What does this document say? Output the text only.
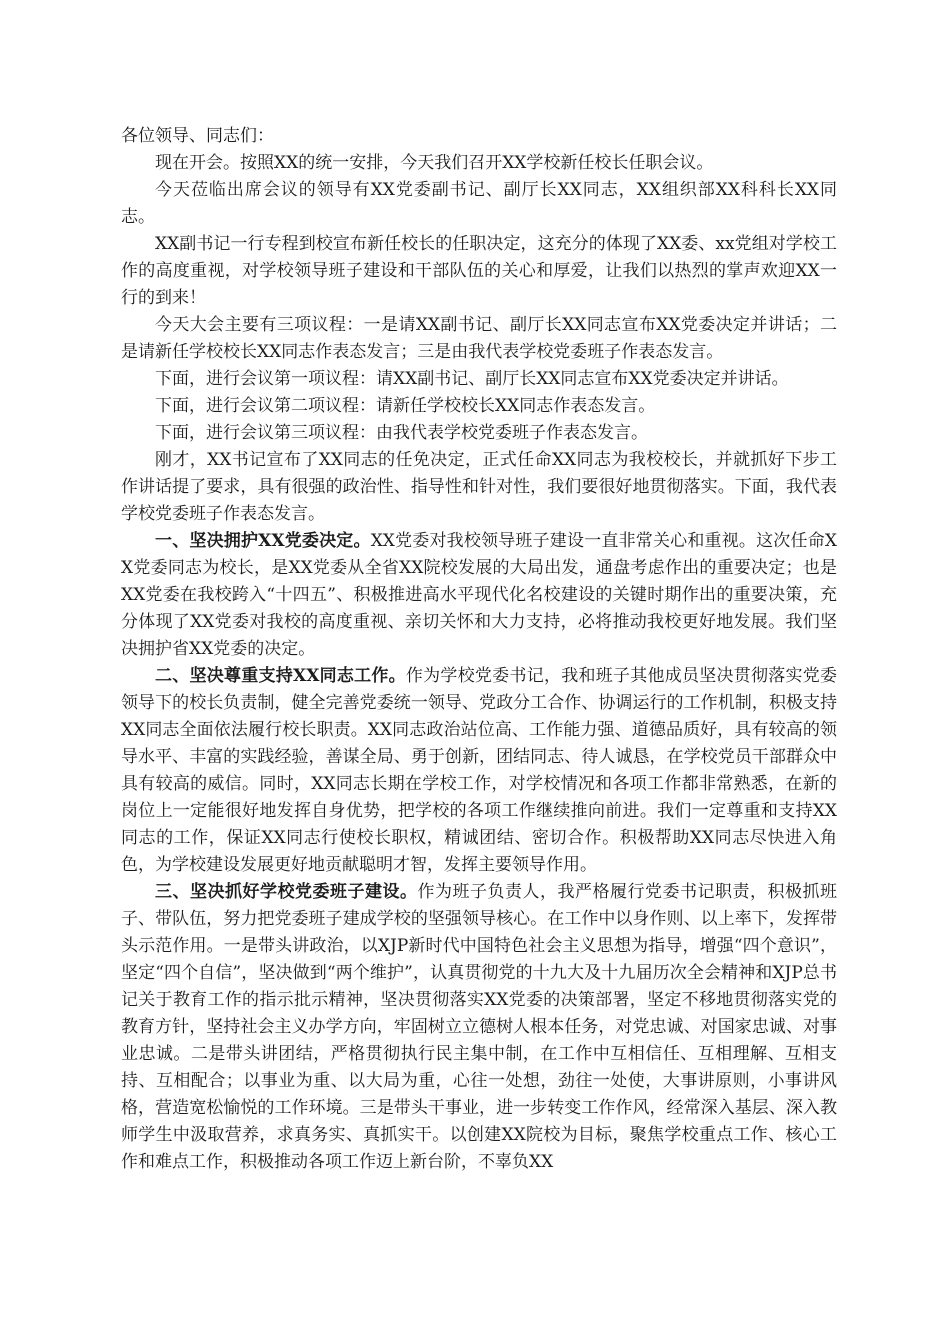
各位领导、同志们：

现在开会。按照XX的统一安排，今天我们召开XX学校新任校长任职会议。

今天莅临出席会议的领导有XX党委副书记、副厅长XX同志，XX组织部XX科科长XX同志。

XX副书记一行专程到校宣布新任校长的任职决定，这充分的体现了XX委、xx党组对学校工作的高度重视，对学校领导班子建设和干部队伍的关心和厚爱，让我们以热烈的掌声欢迎XX一行的到来！

今天大会主要有三项议程：一是请XX副书记、副厅长XX同志宣布XX党委决定并讲话；二是请新任学校校长XX同志作表态发言；三是由我代表学校党委班子作表态发言。

下面，进行会议第一项议程：请XX副书记、副厅长XX同志宣布XX党委决定并讲话。

下面，进行会议第二项议程：请新任学校校长XX同志作表态发言。

下面，进行会议第三项议程：由我代表学校党委班子作表态发言。

刚才，XX书记宣布了XX同志的任免决定，正式任命XX同志为我校校长，并就抓好下步工作讲话提了要求，具有很强的政治性、指导性和针对性，我们要很好地贯彻落实。下面，我代表学校党委班子作表态发言。

一、坚决拥护XX党委决定。XX党委对我校领导班子建设一直非常关心和重视。这次任命XX党委同志为校长，是XX党委从全省XX院校发展的大局出发，通盘考虑作出的重要决定；也是XX党委在我校跨入“十四五”、积极推进高水平现代化名校建设的关键时期作出的重要决策，充分体现了XX党委对我校的高度重视、亲切关怀和大力支持，必将推动我校更好地发展。我们坚决拥护省XX党委的决定。

二、坚决尊重支持XX同志工作。作为学校党委书记，我和班子其他成员坚决贯彻落实党委领导下的校长负责制，健全完善党委统一领导、党政分工合作、协调运行的工作机制，积极支持XX同志全面依法履行校长职责。XX同志政治站位高、工作能力强、道德品质好，具有较高的领导水平、丰富的实践经验，善谋全局、勇于创新，团结同志、待人诚恳，在学校党员干部群众中具有较高的威信。同时，XX同志长期在学校工作，对学校情况和各项工作都非常熟悉，在新的岗位上一定能很好地发挥自身优势，把学校的各项工作继续推向前进。我们一定尊重和支持XX同志的工作，保证XX同志行使校长职权，精诚团结、密切合作。积极帮助XX同志尽快进入角色，为学校建设发展更好地贡献聪明才智，发挥主要领导作用。

三、坚决抓好学校党委班子建设。作为班子负责人，我严格履行党委书记职责，积极抓班子、带队伍，努力把党委班子建成学校的坚强领导核心。在工作中以身作则、以上率下，发挥带头示范作用。一是带头讲政治，以XJP新时代中国特色社会主义思想为指导，增强“四个意识”，坚定“四个自信”，坚决做到“两个维护”，认真贯彻党的十九大及十九届历次全会精神和XJP总书记关于教育工作的指示批示精神，坚决贯彻落实XX党委的决策部署，坚定不移地贯彻落实党的教育方针，坚持社会主义办学方向，牢固树立立德树人根本任务，对党忠诚、对国家忠诚、对事业忠诚。二是带头讲团结，严格贯彻执行民主集中制，在工作中互相信任、互相理解、互相支持、互相配合；以事业为重、以大局为重，心往一处想，劲往一处使，大事讲原则，小事讲风格，营造宽松愉悦的工作环境。三是带头干事业，进一步转变工作作风，经常深入基层、深入教师学生中汲取营养，求真务实、真抓实干。以创建XX院校为目标，聚焦学校重点工作、核心工作和难点工作，积极推动各项工作迈上新台阶，不辜负XX
